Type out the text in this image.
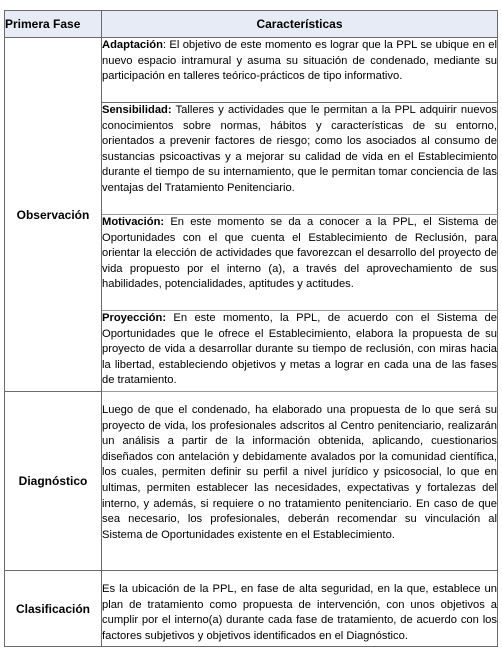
Primera Fase	Características
Observación	Adaptación: El objetivo de este momento es lograr que la PPL se ubique en el nuevo espacio intramural y asuma su situación de condenado, mediante su participación en talleres teórico-prácticos de tipo informativo.
	Sensibilidad: Talleres y actividades que le permitan a la PPL adquirir nuevos conocimientos sobre normas, hábitos y características de su entorno, orientados a prevenir factores de riesgo; como los asociados al consumo de sustancias psicoactivas y a mejorar su calidad de vida en el Establecimiento durante el tiempo de su internamiento, que le permitan tomar conciencia de las ventajas del Tratamiento Penitenciario.
	Motivación: En este momento se da a conocer a la PPL, el Sistema de Oportunidades con el que cuenta el Establecimiento de Reclusión, para orientar la elección de actividades que favorezcan el desarrollo del proyecto de vida propuesto por el interno (a), a través del aprovechamiento de sus habilidades, potencialidades, aptitudes y actitudes.
	Proyección: En este momento, la PPL, de acuerdo con el Sistema de Oportunidades que le ofrece el Establecimiento, elabora la propuesta de su proyecto de vida a desarrollar durante su tiempo de reclusión, con miras hacia la libertad, estableciendo objetivos y metas a lograr en cada una de las fases de tratamiento.
Diagnóstico	Luego de que el condenado, ha elaborado una propuesta de lo que será su proyecto de vida, los profesionales adscritos al Centro penitenciario, realizarán un análisis a partir de la información obtenida, aplicando, cuestionarios diseñados con antelación y debidamente avalados por la comunidad científica, los cuales, permiten definir su perfil a nivel jurídico y psicosocial, lo que en ultimas, permiten establecer las necesidades, expectativas y fortalezas del interno, y además, si requiere o no tratamiento penitenciario. En caso de que sea necesario, los profesionales, deberán recomendar su vinculación al Sistema de Oportunidades existente en el Establecimiento.
Clasificación	Es la ubicación de la PPL, en fase de alta seguridad, en la que, establece un plan de tratamiento como propuesta de intervención, con unos objetivos a cumplir por el interno(a) durante cada fase de tratamiento, de acuerdo con los factores subjetivos y objetivos identificados en el Diagnóstico.
